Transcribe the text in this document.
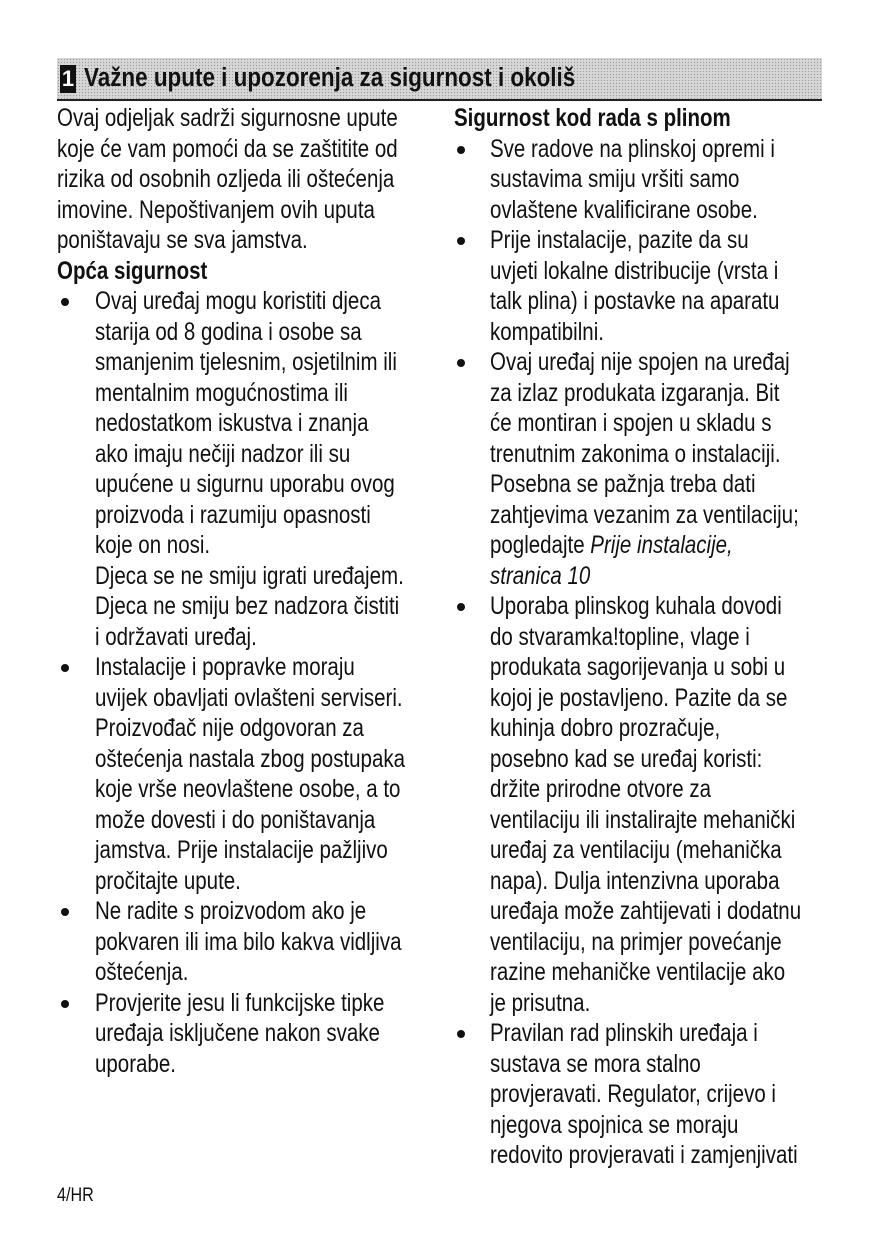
1 Važne upute i upozorenja za sigurnost i okoliš
Ovaj odjeljak sadrži sigurnosne upute
koje će vam pomoći da se zaštitite od
rizika od osobnih ozljeda ili oštećenja
imovine. Nepoštivanjem ovih uputa
poništavaju se sva jamstva.
Opća sigurnost
Ovaj uređaj mogu koristiti djeca
starija od 8 godina i osobe sa
smanjenim tjelesnim, osjetilnim ili
mentalnim mogućnostima ili
nedostatkom iskustva i znanja
ako imaju nečiji nadzor ili su
upućene u sigurnu uporabu ovog
proizvoda i razumiju opasnosti
koje on nosi.
Djeca se ne smiju igrati uređajem.
Djeca ne smiju bez nadzora čistiti
i održavati uređaj.
Instalacije i popravke moraju
uvijek obavljati ovlašteni serviseri.
Proizvođač nije odgovoran za
oštećenja nastala zbog postupaka
koje vrše neovlaštene osobe, a to
može dovesti i do poništavanja
jamstva. Prije instalacije pažljivo
pročitajte upute.
Ne radite s proizvodom ako je
pokvaren ili ima bilo kakva vidljiva
oštećenja.
Provjerite jesu li funkcijske tipke
uređaja isključene nakon svake
uporabe.
Sigurnost kod rada s plinom
Sve radove na plinskoj opremi i
sustavima smiju vršiti samo
ovlaštene kvalificirane osobe.
Prije instalacije, pazite da su
uvjeti lokalne distribucije (vrsta i
talk plina) i postavke na aparatu
kompatibilni.
Ovaj uređaj nije spojen na uređaj
za izlaz produkata izgaranja. Bit
će montiran i spojen u skladu s
trenutnim zakonima o instalaciji.
Posebna se pažnja treba dati
zahtjevima vezanim za ventilaciju;
pogledajte Prije instalacije,
stranica 10
Uporaba plinskog kuhala dovodi
do stvaramka!topline, vlage i
produkata sagorijevanja u sobi u
kojoj je postavljeno. Pazite da se
kuhinja dobro prozračuje,
posebno kad se uređaj koristi:
držite prirodne otvore za
ventilaciju ili instalirajte mehanički
uređaj za ventilaciju (mehanička
napa). Dulja intenzivna uporaba
uređaja može zahtijevati i dodatnu
ventilaciju, na primjer povećanje
razine mehaničke ventilacije ako
je prisutna.
Pravilan rad plinskih uređaja i
sustava se mora stalno
provjeravati. Regulator, crijevo i
njegova spojnica se moraju
redovito provjeravati i zamjenjivati
4/HR
